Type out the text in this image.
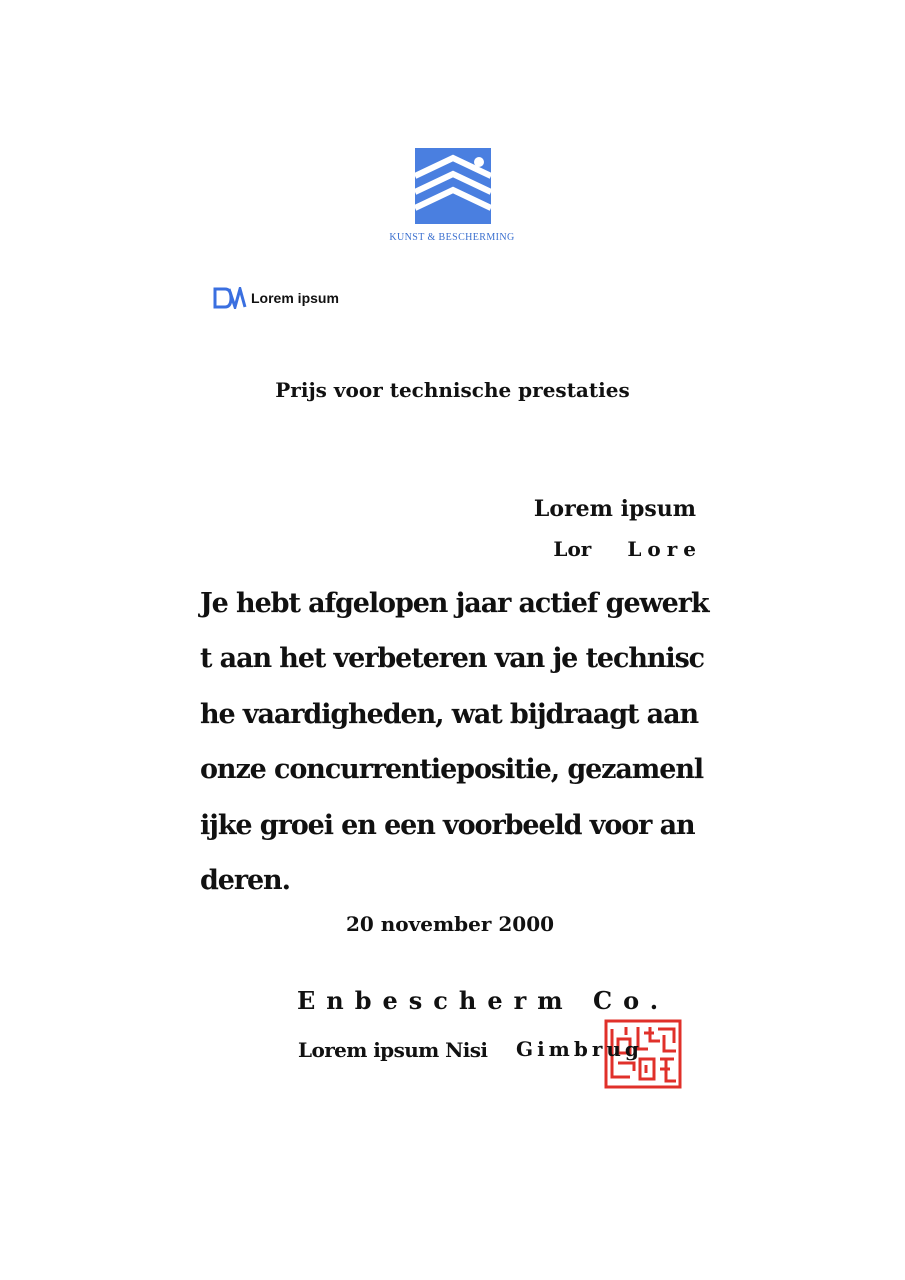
KUNST & BESCHERMING
Lorem ipsum
Prijs voor technische prestaties
Lorem ipsum
Lor Lore
Je hebt afgelopen jaar actief gewerkt aan het verbeteren van je technische vaardigheden, wat bijdraagt aan onze concurrentiepositie, gezamenlijke groei en een voorbeeld voor anderen.
20 november 2000
Enbescherm Co.
Lorem ipsum Nisi Gimbrug
